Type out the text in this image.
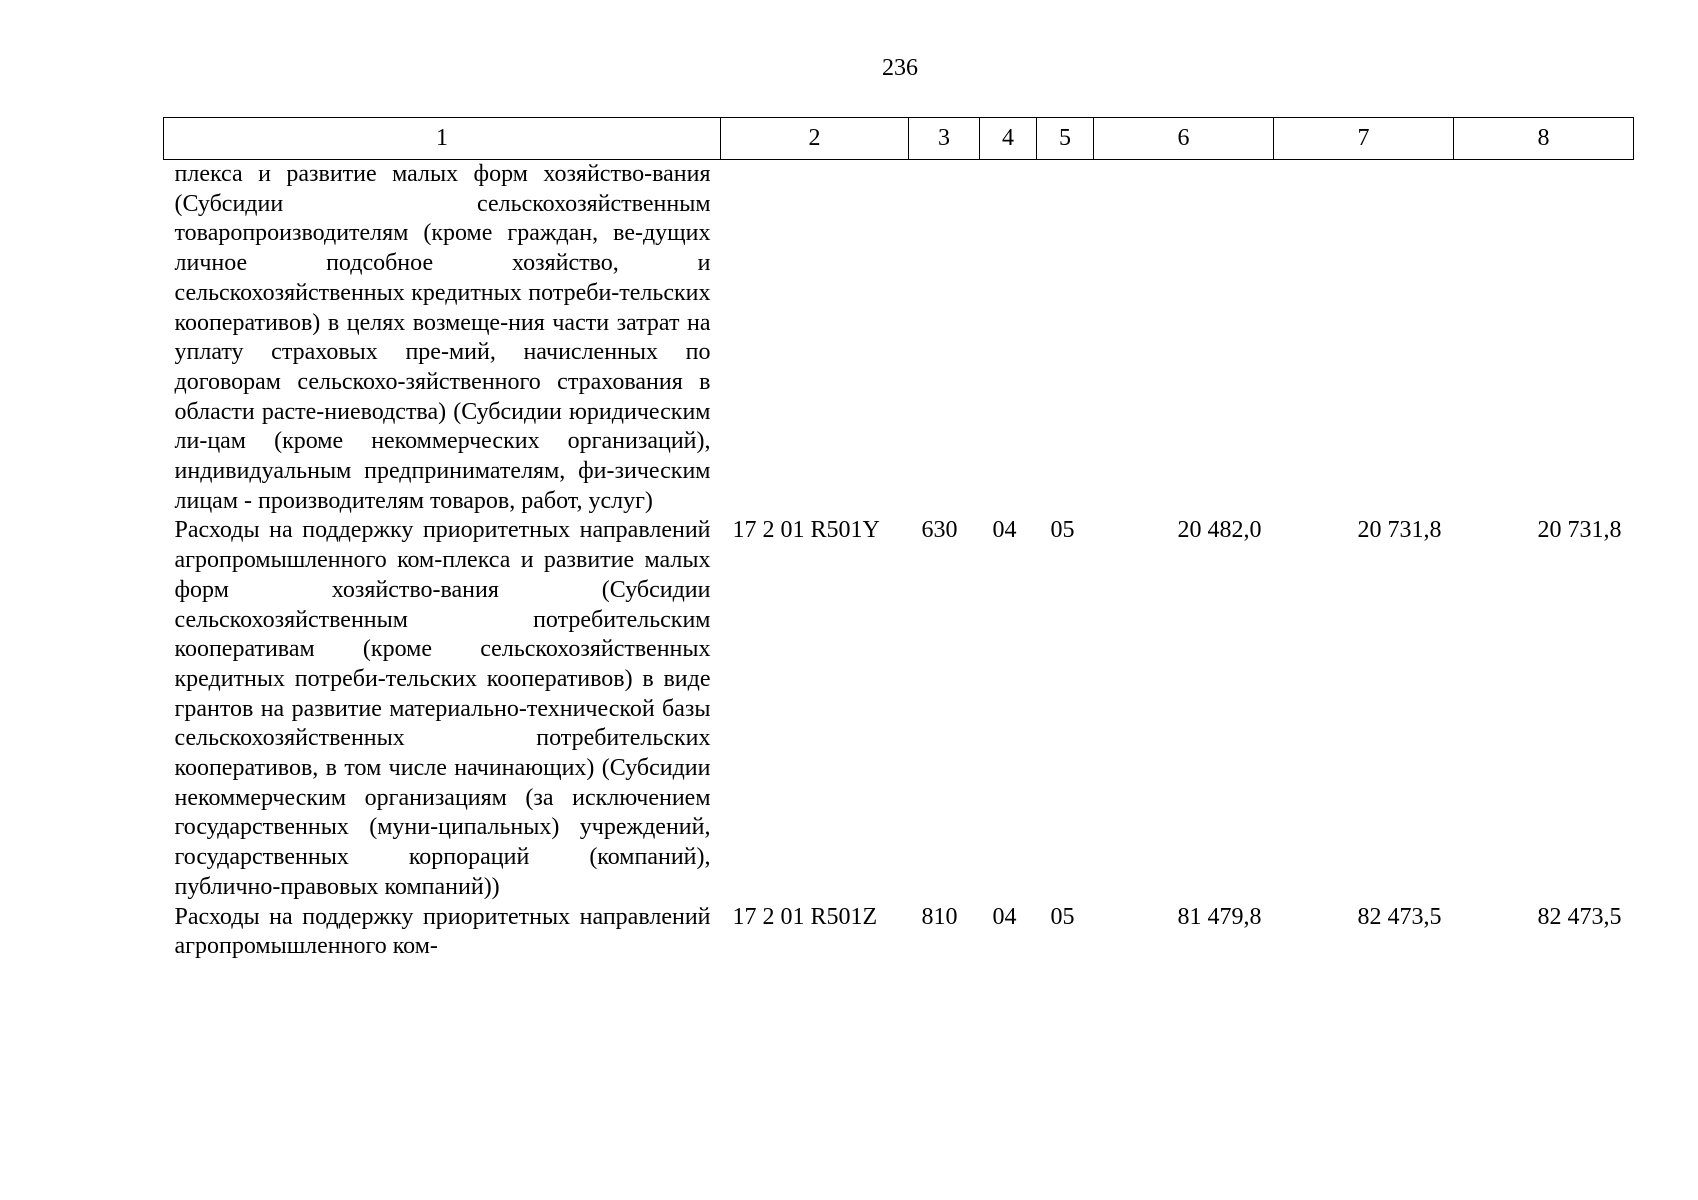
236
1	2	3	4	5	6	7	8
плекса и развитие малых форм хозяйство-вания (Субсидии сельскохозяйственным товаропроизводителям (кроме граждан, ве-дущих личное подсобное хозяйство, и сельскохозяйственных кредитных потреби-тельских кооперативов) в целях возмеще-ния части затрат на уплату страховых пре-мий, начисленных по договорам сельскохо-зяйственного страхования в области расте-ниеводства) (Субсидии юридическим ли-цам (кроме некоммерческих организаций), индивидуальным предпринимателям, фи-зическим лицам - производителям товаров, работ, услуг)							
Расходы на поддержку приоритетных направлений агропромышленного ком-плекса и развитие малых форм хозяйство-вания (Субсидии сельскохозяйственным потребительским кооперативам (кроме сельскохозяйственных кредитных потреби-тельских кооперативов) в виде грантов на развитие материально-технической базы сельскохозяйственных потребительских кооперативов, в том числе начинающих) (Субсидии некоммерческим организациям (за исключением государственных (муни-ципальных) учреждений, государственных корпораций (компаний), публично-правовых компаний))	17 2 01 R501Y	630	04	05	20 482,0	20 731,8	20 731,8
Расходы на поддержку приоритетных направлений агропромышленного ком-	17 2 01 R501Z	810	04	05	81 479,8	82 473,5	82 473,5
